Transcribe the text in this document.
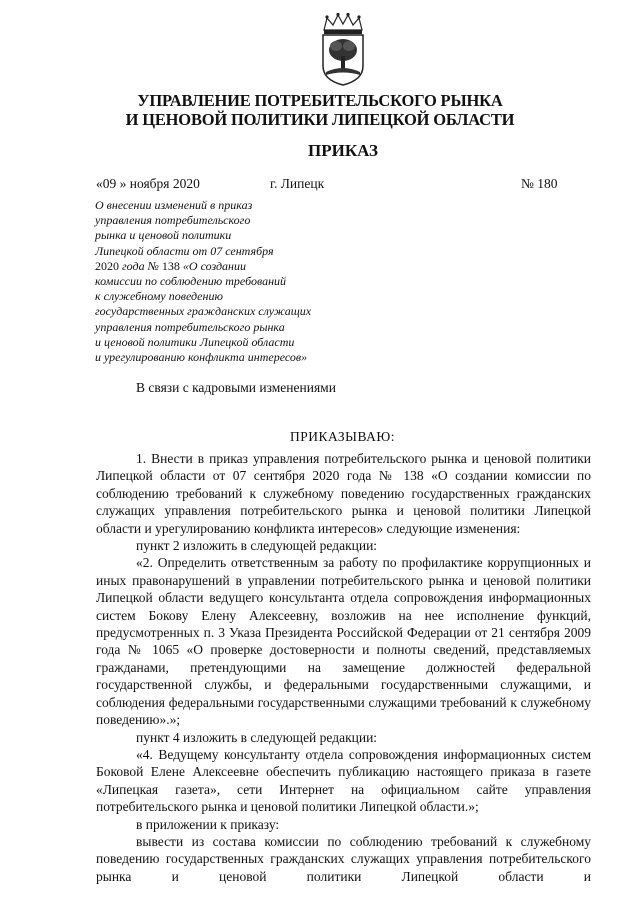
УПРАВЛЕНИЕ ПОТРЕБИТЕЛЬСКОГО РЫНКА
И ЦЕНОВОЙ ПОЛИТИКИ ЛИПЕЦКОЙ ОБЛАСТИ
ПРИКАЗ
«09 » ноября 2020	г. Липецк	№ 180
О внесении изменений в приказ
управления потребительского
рынка и ценовой политики
Липецкой области от 07 сентября
2020 года № 138 «О создании
комиссии по соблюдению требований
к служебному поведению
государственных гражданских служащих
управления потребительского рынка
и ценовой политики Липецкой области
и урегулированию конфликта интересов»
В связи с кадровыми изменениями
ПРИКАЗЫВАЮ:

1. Внести в приказ управления потребительского рынка и ценовой политики Липецкой области от 07 сентября 2020 года № 138 «О создании комиссии по соблюдению требований к служебному поведению государственных гражданских служащих управления потребительского рынка и ценовой политики Липецкой области и урегулированию конфликта интересов» следующие изменения:

пункт 2 изложить в следующей редакции:

«2. Определить ответственным за работу по профилактике коррупционных и иных правонарушений в управлении потребительского рынка и ценовой политики Липецкой области ведущего консультанта отдела сопровождения информационных систем Бокову Елену Алексеевну, возложив на нее исполнение функций, предусмотренных п. 3 Указа Президента Российской Федерации от 21 сентября 2009 года № 1065 «О проверке достоверности и полноты сведений, представляемых гражданами, претендующими на замещение должностей федеральной государственной службы, и федеральными государственными служащими, и соблюдения федеральными государственными служащими требований к служебному поведению».»;

пункт 4 изложить в следующей редакции:

«4. Ведущему консультанту отдела сопровождения информационных систем Боковой Елене Алексеевне обеспечить публикацию настоящего приказа в газете «Липецкая газета», сети Интернет на официальном сайте управления потребительского рынка и ценовой политики Липецкой области.»;

в приложении к приказу:

вывести из состава комиссии по соблюдению требований к служебному поведению государственных гражданских служащих управления потребительского рынка и ценовой политики Липецкой области и
